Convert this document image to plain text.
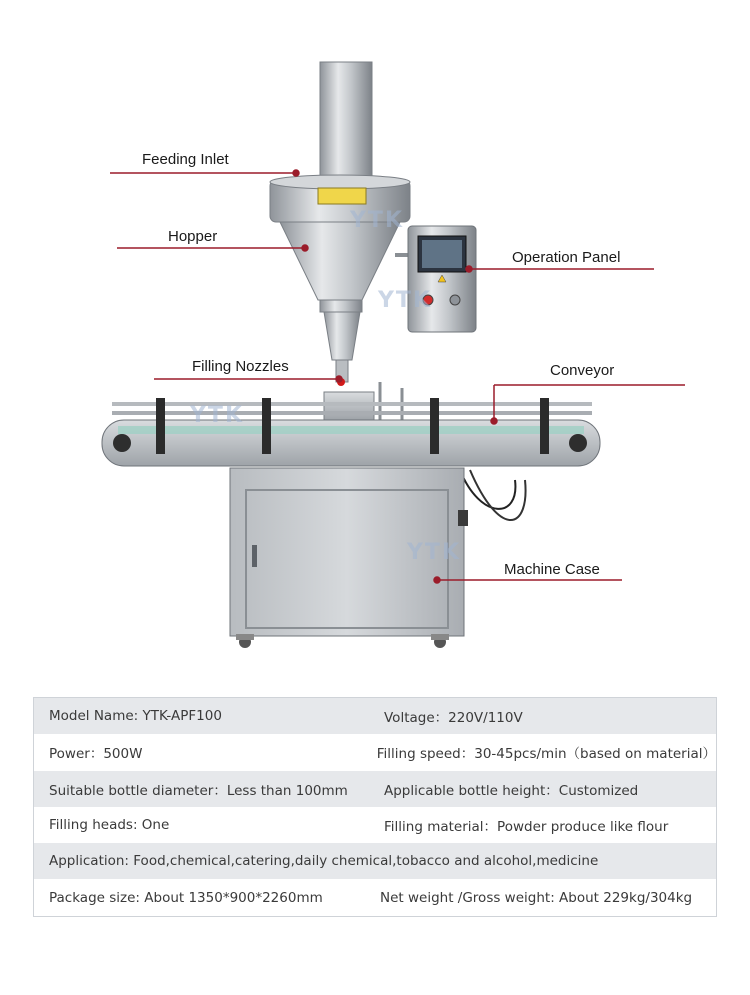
YTK
YTK
YTK
YTK
Feeding Inlet
Hopper
Operation Panel
Filling Nozzles	Conveyor
Machine Case
Model Name: YTK-APF100	Voltage：220V/110V
Power：500W	Filling speed：30-45pcs/min（based on material）
Suitable bottle diameter：Less than 100mm	Applicable bottle height：Customized
Filling heads: One	Filling material：Powder produce like flour
Application: Food,chemical,catering,daily chemical,tobacco and alcohol,medicine
Package size: About 1350*900*2260mm	Net weight /Gross weight: About 229kg/304kg
